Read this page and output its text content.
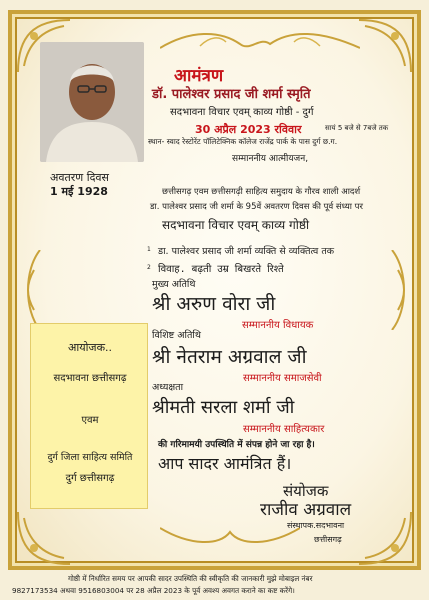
अवतरण दिवस
1 मई 1928
आमंत्रण
डॉ. पालेश्वर प्रसाद जी शर्मा स्मृति
सदभावना विचार एवम् काव्य गोष्ठी - दुर्ग
30 अप्रैल 2023 रविवार	सायं 5 बजे से 7बजे तक
स्थान- स्वाद रेस्टोरेंट पॉलिटेक्निक कॉलेज राजेंद्र पार्क के पास दुर्ग छ.ग.
सम्माननीय आत्मीयजन,
छत्तीसगढ़ एवम छत्तीसगढ़ी साहित्य समुदाय के गौरव शाली आदर्श
डा. पालेश्वर प्रसाद जी शर्मा के 95वें अवतरण दिवस की पूर्व संध्या पर
सदभावना विचार एवम् काव्य गोष्ठी
1 डा. पालेश्वर प्रसाद जी शर्मा व्यक्ति से व्यक्तित्व तक
2 विवाह. बढ़ती उम्र बिखरते रिश्ते
मुख्य अतिथि
श्री अरुण वोरा जी
सम्माननीय विधायक
विशिष्ट अतिथि
श्री नेतराम अग्रवाल जी
सम्माननीय समाजसेवी
अध्यक्षता
श्रीमती सरला शर्मा जी
सम्माननीय साहित्यकार
की गरिमामयी उपस्थिति में संपन्न होने जा रहा है।
आप सादर आमंत्रित हैं।
संयोजक
राजीव अग्रवाल
संस्थापक.सदभावना
छत्तीसगढ़
आयोजक..
सदभावना छत्तीसगढ़
एवम
दुर्ग जिला साहित्य समिति
दुर्ग छत्तीसगढ़
गोष्ठी में निर्धारित समय पर आपकी सादर उपस्थिति की स्वीकृति की जानकारी मुझे मोबाइल नंबर
9827173534 अथवा 9516803004 पर 28 अप्रैल 2023 के पूर्व अवश्य अवगत कराने का कष्ट करेंगे।
